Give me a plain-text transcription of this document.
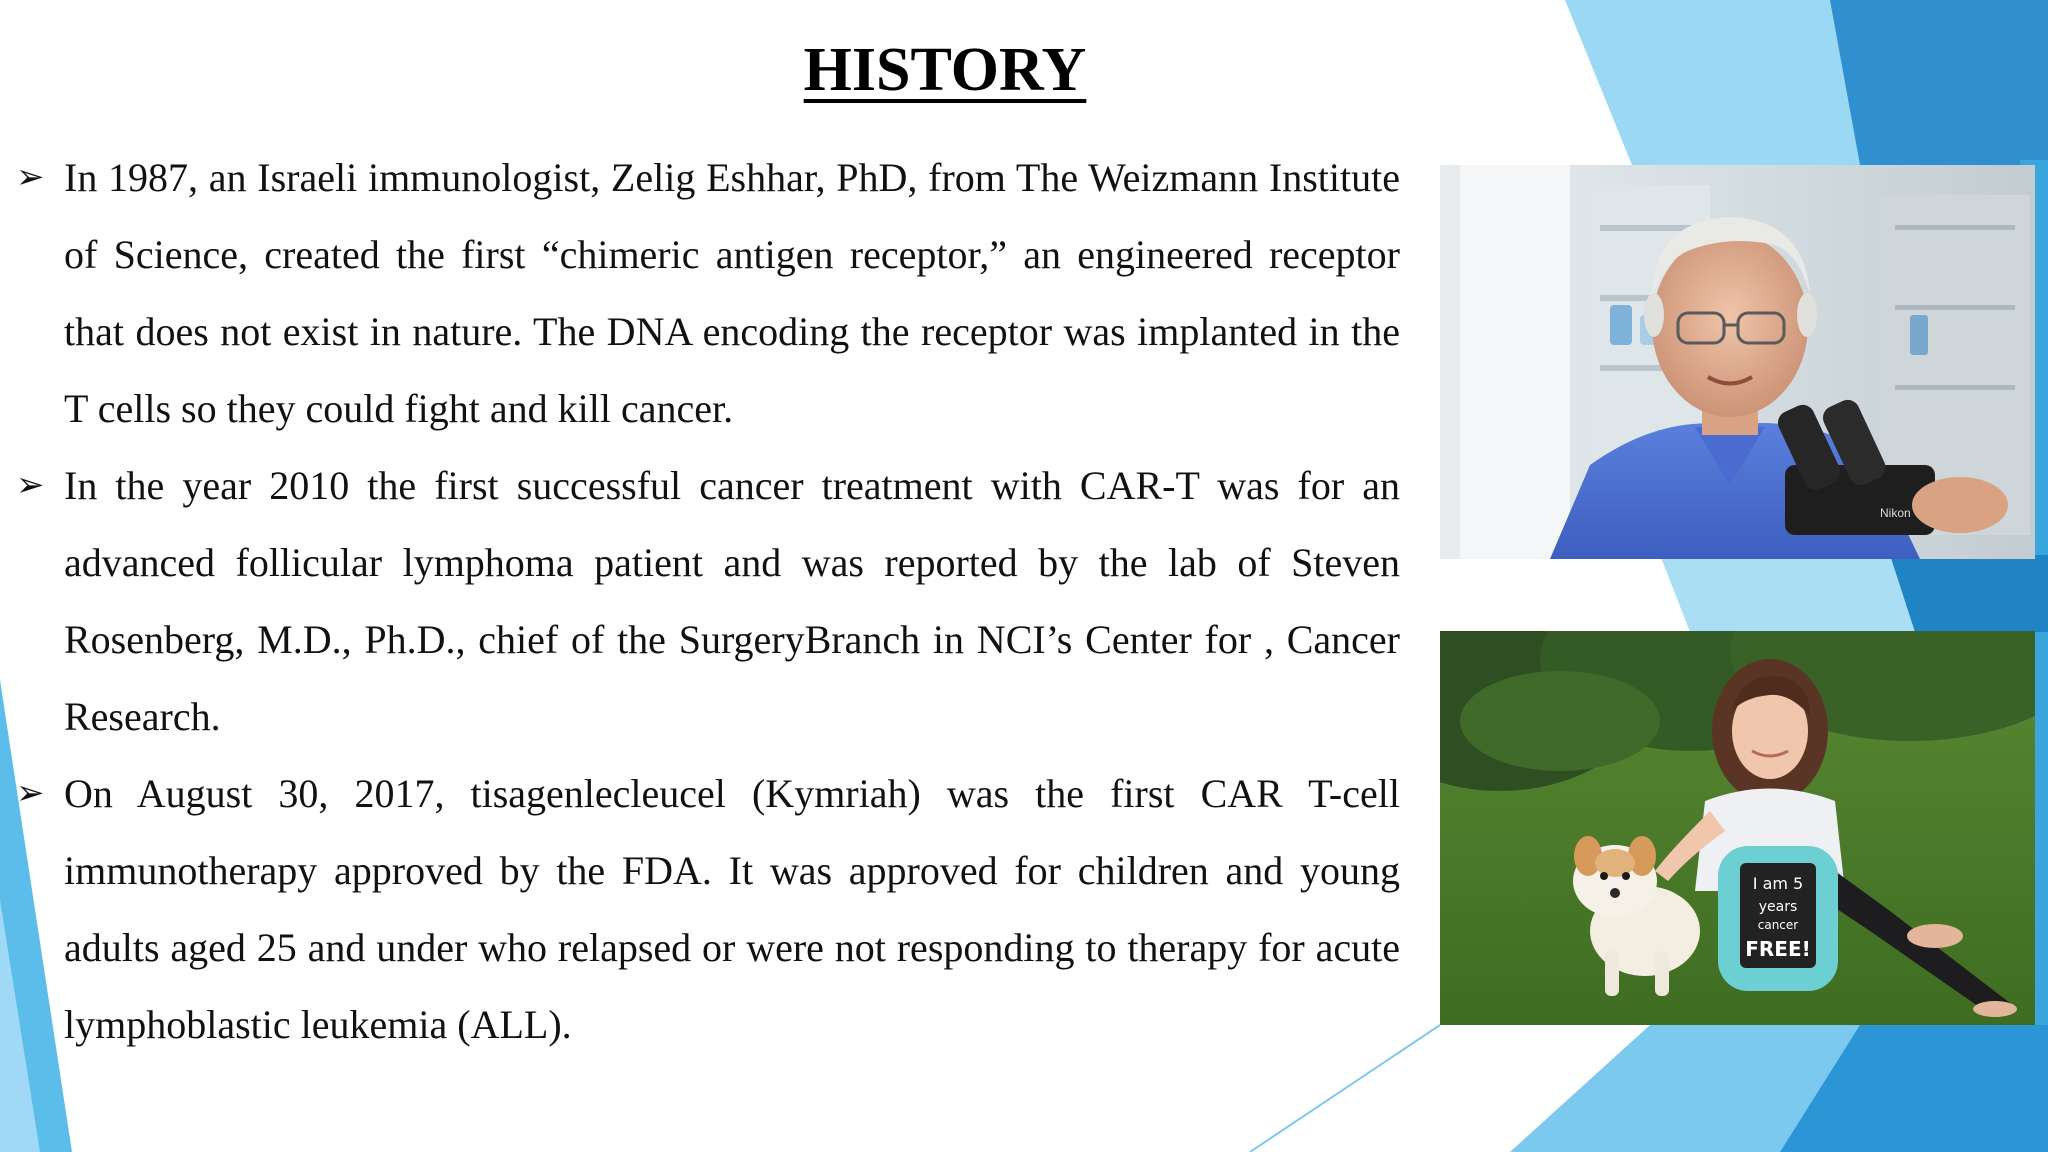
HISTORY
➢ In 1987, an Israeli immunologist, Zelig Eshhar, PhD, from The Weizmann Institute of Science, created the first “chimeric antigen receptor,” an engineered receptor that does not exist in nature. The DNA encoding the receptor was implanted in the T cells so they could fight and kill cancer.
➢ In the year 2010 the first successful cancer treatment with CAR-T was for an advanced follicular lymphoma patient and was reported by the lab of Steven Rosenberg, M.D., Ph.D., chief of the SurgeryBranch in NCI’s Center for , Cancer Research.
➢ On August 30, 2017, tisagenlecleucel (Kymriah) was the first CAR T-cell immunotherapy approved by the FDA. It was approved for children and young adults aged 25 and under who relapsed or were not responding to therapy for acute lymphoblastic leukemia (ALL).
Nikon
I am 5
years
cancer
FREE!
